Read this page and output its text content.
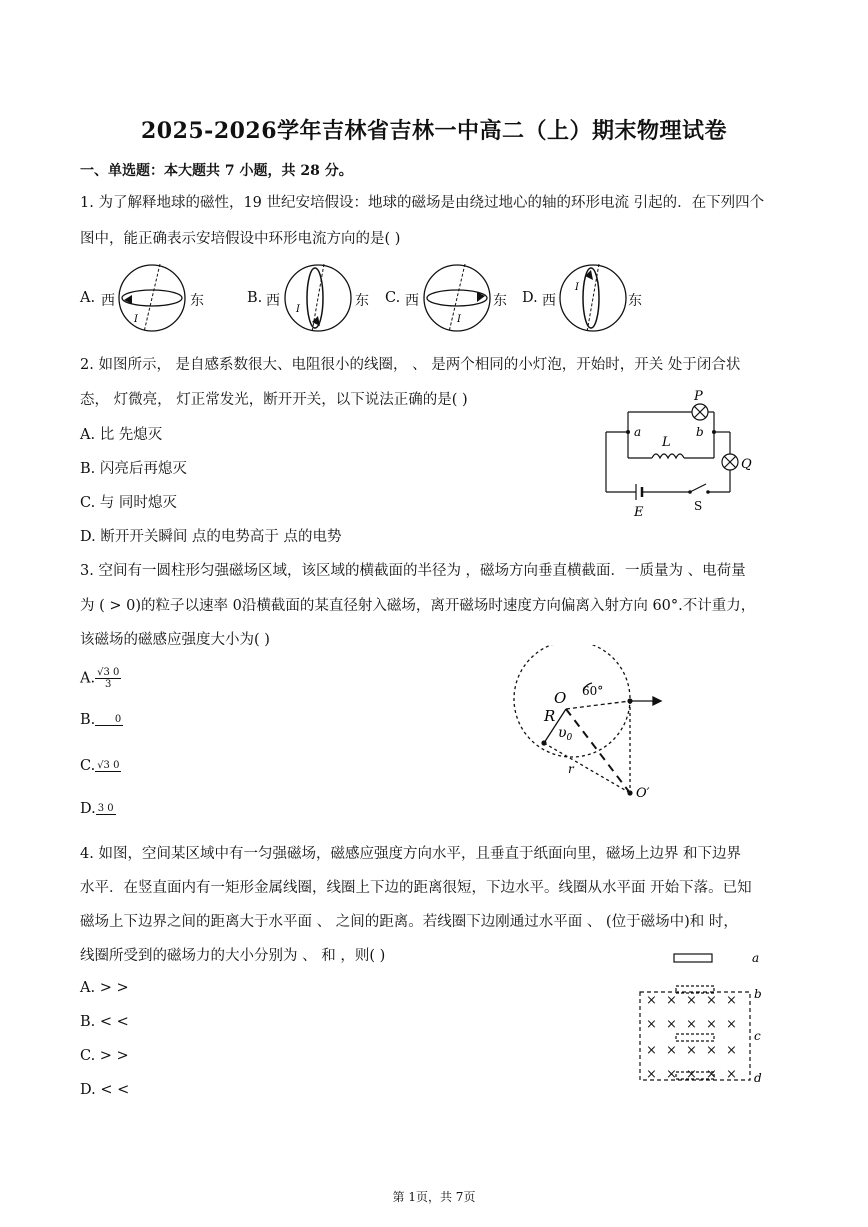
2025-2026学年吉林省吉林一中高二（上）期末物理试卷
一、单选题：本大题共 7 小题，共 28 分。
1. 为了解释地球的磁性，19 世纪安培假设：地球的磁场是由绕过地心的轴的环形电流 引起的．在下列四个
图中，能正确表示安培假设中环形电流方向的是( )
A. 西
I
东	B. 西
I
东 C. 西
I
东 D. 西
I
东
2. 如图所示， 是自感系数很大、电阻很小的线圈， 、 是两个相同的小灯泡，开始时，开关 处于闭合状
态， 灯微亮， 灯正常发光，断开开关，以下说法正确的是( )
A. 比 先熄灭
B. 闪亮后再熄灭
C. 与 同时熄灭
D. 断开开关瞬间 点的电势高于 点的电势
P
Q
L
a	b
E	S
3. 空间有一圆柱形匀强磁场区域，该区域的横截面的半径为 ，磁场方向垂直横截面．一质量为 、电荷量
为 ( > 0)的粒子以速率 0沿横截面的某直径射入磁场，离开磁场时速度方向偏离入射方向 60°.不计重力，
该磁场的磁感应强度大小为( )
A. $\frac{√3 0}{3}$
B.	0
C. √3 0
D. 3 0
O
R
$\upsilon_0$
60°
r
O′
4. 如图，空间某区域中有一匀强磁场，磁感应强度方向水平，且垂直于纸面向里，磁场上边界 和下边界
水平．在竖直面内有一矩形金属线圈，线圈上下边的距离很短，下边水平。线圈从水平面 开始下落。已知
磁场上下边界之间的距离大于水平面 、 之间的距离。若线圈下边刚通过水平面 、 (位于磁场中)和 时，
线圈所受到的磁场力的大小分别为 、 和 ，则( )
A. > >
B. < <
C. > >
D. < <
× × × × ×
× × × × ×
× × × × ×
× × × × ×
a
b
c
d
第 1页，共 7页
